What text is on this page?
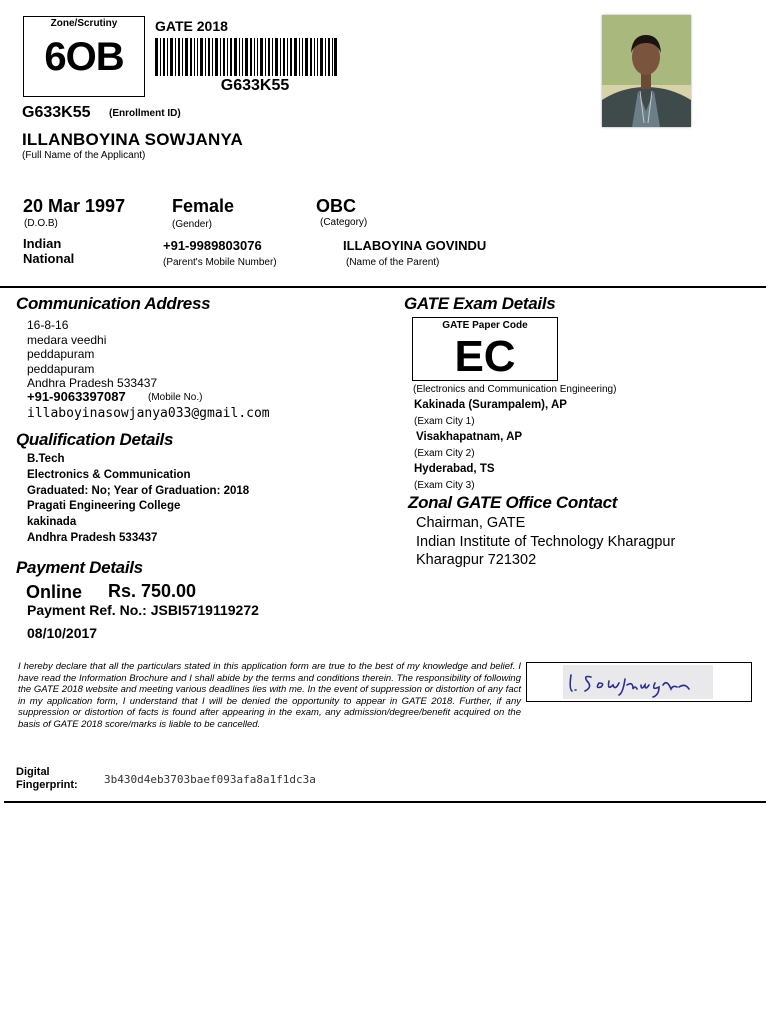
Zone/Scrutiny
6OB
GATE 2018
G633K55
G633K55 (Enrollment ID)
ILLANBOYINA SOWJANYA
(Full Name of the Applicant)
20 Mar 1997
(D.O.B)
Female
(Gender)
OBC
(Category)
Indian
National
+91-9989803076
(Parent's Mobile Number)
ILLABOYINA GOVINDU
(Name of the Parent)
Communication Address
16-8-16
medara veedhi
peddapuram
peddapuram
Andhra Pradesh 533437
+91-9063397087 (Mobile No.)
illaboyinasowjanya033@gmail.com
Qualification Details
B.Tech
Electronics & Communication
Graduated: No; Year of Graduation: 2018
Pragati Engineering College
kakinada
Andhra Pradesh 533437
Payment Details
Online Rs. 750.00
Payment Ref. No.: JSBI5719119272
08/10/2017
GATE Exam Details
GATE Paper Code
EC
(Electronics and Communication Engineering)
Kakinada (Surampalem), AP
(Exam City 1)
Visakhapatnam, AP
(Exam City 2)
Hyderabad, TS
(Exam City 3)
Zonal GATE Office Contact
Chairman, GATE
Indian Institute of Technology Kharagpur
Kharagpur 721302
I hereby declare that all the particulars stated in this application form are true to the best of my knowledge and belief. I have read the Information Brochure and I shall abide by the terms and conditions therein. The responsibility of following the GATE 2018 website and meeting various deadlines lies with me. In the event of suppression or distortion of any fact in my application form, I understand that I will be denied the opportunity to appear in GATE 2018. Further, if any suppression or distortion of facts is found after appearing in the exam, any admission/degree/benefit acquired on the basis of GATE 2018 score/marks is liable to be cancelled.
Digital
Fingerprint: 3b430d4eb3703baef093afa8a1f1dc3a
